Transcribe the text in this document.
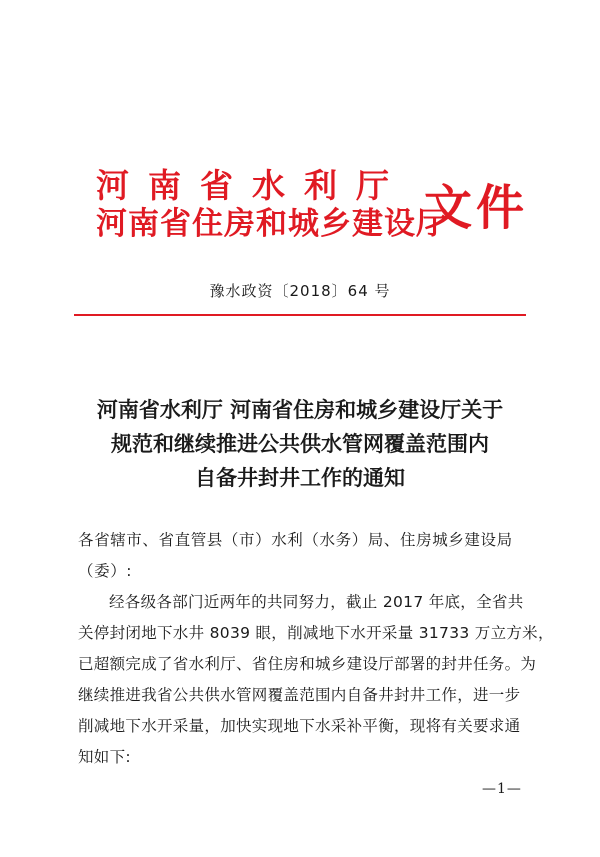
河南省水利厅
河南省住房和城乡建设厅
文件
豫水政资〔2018〕64 号
河南省水利厅 河南省住房和城乡建设厅关于
规范和继续推进公共供水管网覆盖范围内
自备井封井工作的通知
各省辖市、省直管县（市）水利（水务）局、住房城乡建设局（委）:
经各级各部门近两年的共同努力，截止 2017 年底，全省共
关停封闭地下水井 8039 眼，削减地下水开采量 31733 万立方米，
已超额完成了省水利厅、省住房和城乡建设厅部署的封井任务。为
继续推进我省公共供水管网覆盖范围内自备井封井工作，进一步
削减地下水开采量，加快实现地下水采补平衡，现将有关要求通
知如下:
—1—
